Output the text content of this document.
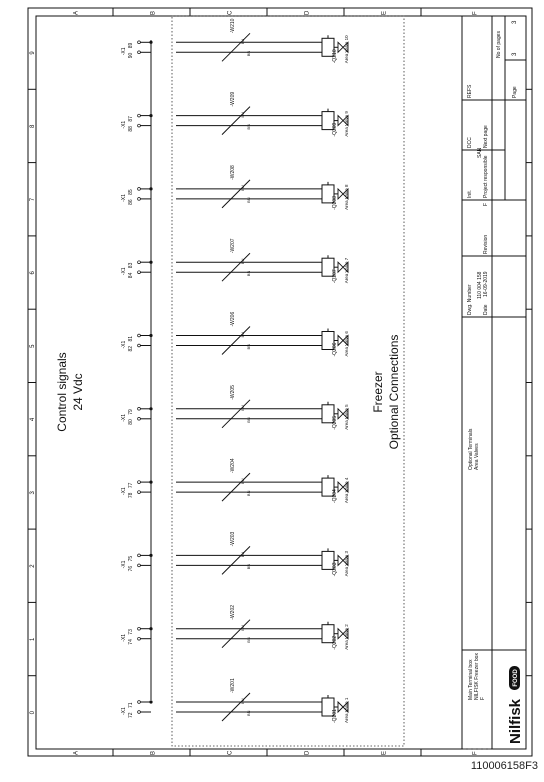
A
A
B
B
C
C
D
D
E
E
F
F
0
1
2
3
4
5
6
7
8
9
71
72
-X1
-W201
BU
BN	Area Valve 1
-Q201
73
74
-X1
-W202
BU
BN	Area Valve 2
-Q202
75
76
-X1
-W203
BU
BN	Area Valve 3
-Q203
77
78
-X1
-W204
BU
BN	Area Valve 4
-Q204
79
80
-X1
-W205
BU
BN	Area Valve 5
-Q205
81
82
-X1
-W206
BU
BN	Area Valve 6
-Q206
83
84
-X1
-W207
BU
BN	Area Valve 7
-Q207
85
86
-X1
-W208
BU
BN	Area Valve 8
-Q208
87
88
-X1
-W209
BU
BN	Area Valve 9
-Q209
89
90
-X1
-W210
BU
BN	Area Valve 10
-Q210
Control signals 24 Vdc	Freezer Optional Connections
Main Terminal box NILFISK Freezer box F
Optional Terminals Area Valves
Dwg. Number 110 004 158
Date
16-09-2019
Revision
F
Init. Project responsible
SAN
DCC Next page
REFS	Page
3
No of pages
3
Nilfisk
FOOD
110006158F3
